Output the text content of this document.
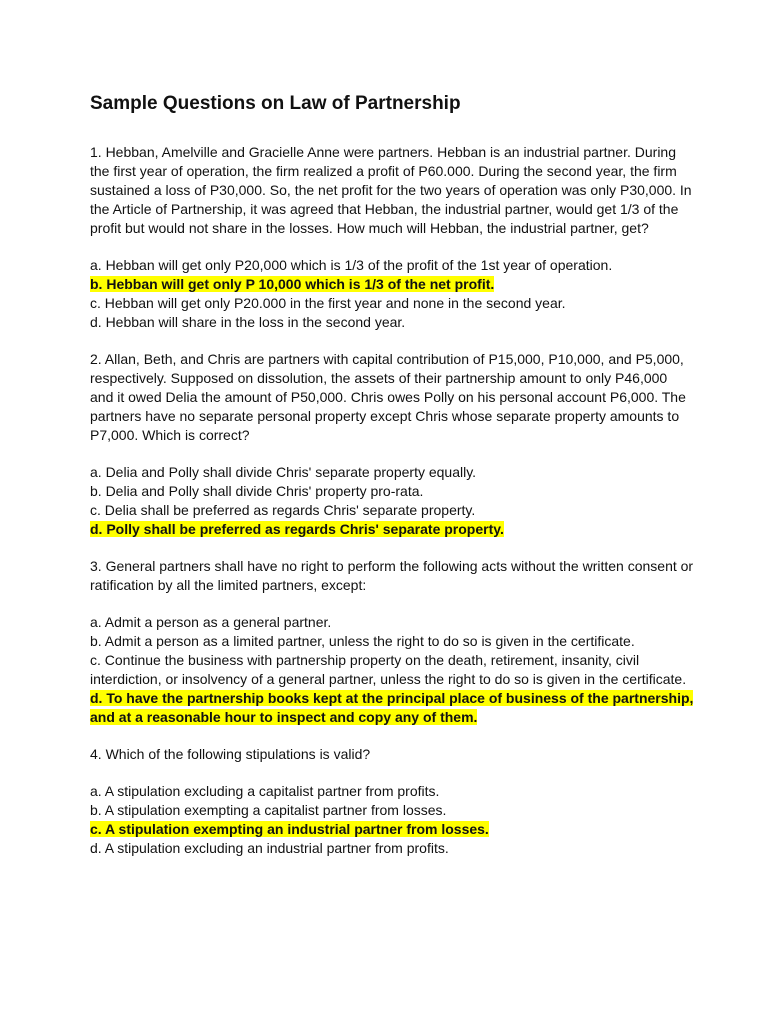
Sample Questions on Law of Partnership

1. Hebban, Amelville and Gracielle Anne were partners. Hebban is an industrial partner. During the first year of operation, the firm realized a profit of P60.000. During the second year, the firm sustained a loss of P30,000. So, the net profit for the two years of operation was only P30,000. In the Article of Partnership, it was agreed that Hebban, the industrial partner, would get 1/3 of the profit but would not share in the losses. How much will Hebban, the industrial partner, get?

a. Hebban will get only P20,000 which is 1/3 of the profit of the 1st year of operation.

b. Hebban will get only P 10,000 which is 1/3 of the net profit.

c. Hebban will get only P20.000 in the first year and none in the second year.

d. Hebban will share in the loss in the second year.

2. Allan, Beth, and Chris are partners with capital contribution of P15,000, P10,000, and P5,000, respectively. Supposed on dissolution, the assets of their partnership amount to only P46,000 and it owed Delia the amount of P50,000. Chris owes Polly on his personal account P6,000. The partners have no separate personal property except Chris whose separate property amounts to P7,000. Which is correct?

a. Delia and Polly shall divide Chris' separate property equally.

b. Delia and Polly shall divide Chris' property pro-rata.

c. Delia shall be preferred as regards Chris' separate property.

d. Polly shall be preferred as regards Chris' separate property.

3. General partners shall have no right to perform the following acts without the written consent or ratification by all the limited partners, except:

a. Admit a person as a general partner.

b. Admit a person as a limited partner, unless the right to do so is given in the certificate.

c. Continue the business with partnership property on the death, retirement, insanity, civil interdiction, or insolvency of a general partner, unless the right to do so is given in the certificate.

d. To have the partnership books kept at the principal place of business of the partnership, and at a reasonable hour to inspect and copy any of them.

4. Which of the following stipulations is valid?

a. A stipulation excluding a capitalist partner from profits.

b. A stipulation exempting a capitalist partner from losses.

c. A stipulation exempting an industrial partner from losses.

d. A stipulation excluding an industrial partner from profits.
